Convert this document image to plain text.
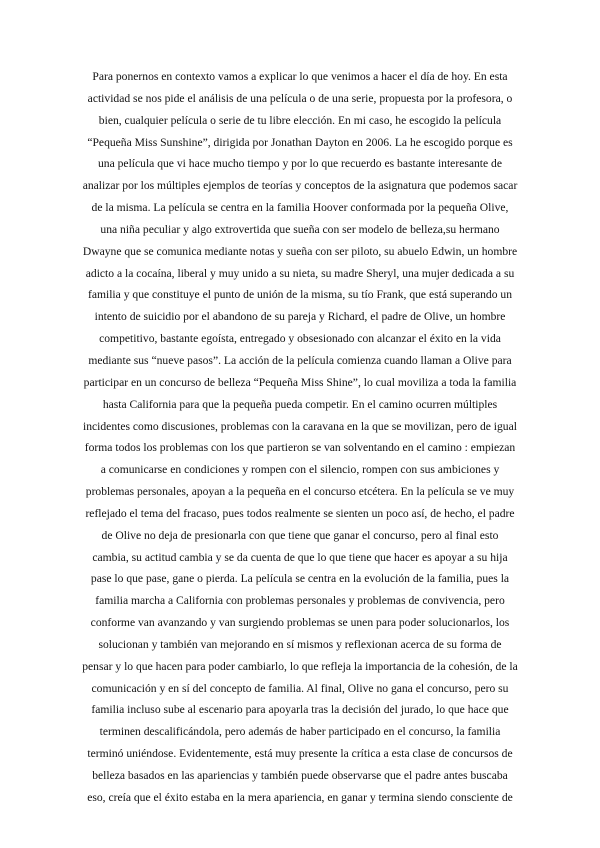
Para ponernos en contexto vamos a explicar lo que venimos a hacer el día de hoy. En esta
actividad se nos pide el análisis de una película o de una serie, propuesta por la profesora, o
bien, cualquier película o serie de tu libre elección. En mi caso, he escogido la película
“Pequeña Miss Sunshine”, dirigida por Jonathan Dayton en 2006. La he escogido porque es
una película que vi hace mucho tiempo y por lo que recuerdo es bastante interesante de
analizar por los múltiples ejemplos de teorías y conceptos de la asignatura que podemos sacar
de la misma. La película se centra en la familia Hoover conformada por la pequeña Olive,
una niña peculiar y algo extrovertida que sueña con ser modelo de belleza,su hermano
Dwayne que se comunica mediante notas y sueña con ser piloto, su abuelo Edwin, un hombre
adicto a la cocaína, liberal y muy unido a su nieta, su madre Sheryl, una mujer dedicada a su
familia y que constituye el punto de unión de la misma, su tío Frank, que está superando un
intento de suicidio por el abandono de su pareja y Richard, el padre de Olive, un hombre
competitivo, bastante egoísta, entregado y obsesionado con alcanzar el éxito en la vida
mediante sus “nueve pasos”. La acción de la película comienza cuando llaman a Olive para
participar en un concurso de belleza “Pequeña Miss Shine”, lo cual moviliza a toda la familia
hasta California para que la pequeña pueda competir. En el camino ocurren múltiples
incidentes como discusiones, problemas con la caravana en la que se movilizan, pero de igual
forma todos los problemas con los que partieron se van solventando en el camino : empiezan
a comunicarse en condiciones y rompen con el silencio, rompen con sus ambiciones y
problemas personales, apoyan a la pequeña en el concurso etcétera. En la película se ve muy
reflejado el tema del fracaso, pues todos realmente se sienten un poco así, de hecho, el padre
de Olive no deja de presionarla con que tiene que ganar el concurso, pero al final esto
cambia, su actitud cambia y se da cuenta de que lo que tiene que hacer es apoyar a su hija
pase lo que pase, gane o pierda. La película se centra en la evolución de la familia, pues la
familia marcha a California con problemas personales y problemas de convivencia, pero
conforme van avanzando y van surgiendo problemas se unen para poder solucionarlos, los
solucionan y también van mejorando en sí mismos y reflexionan acerca de su forma de
pensar y lo que hacen para poder cambiarlo, lo que refleja la importancia de la cohesión, de la
comunicación y en sí del concepto de familia. Al final, Olive no gana el concurso, pero su
familia incluso sube al escenario para apoyarla tras la decisión del jurado, lo que hace que
terminen descalificándola, pero además de haber participado en el concurso, la familia
terminó uniéndose. Evidentemente, está muy presente la crítica a esta clase de concursos de
belleza basados en las apariencias y también puede observarse que el padre antes buscaba
eso, creía que el éxito estaba en la mera apariencia, en ganar y termina siendo consciente de
